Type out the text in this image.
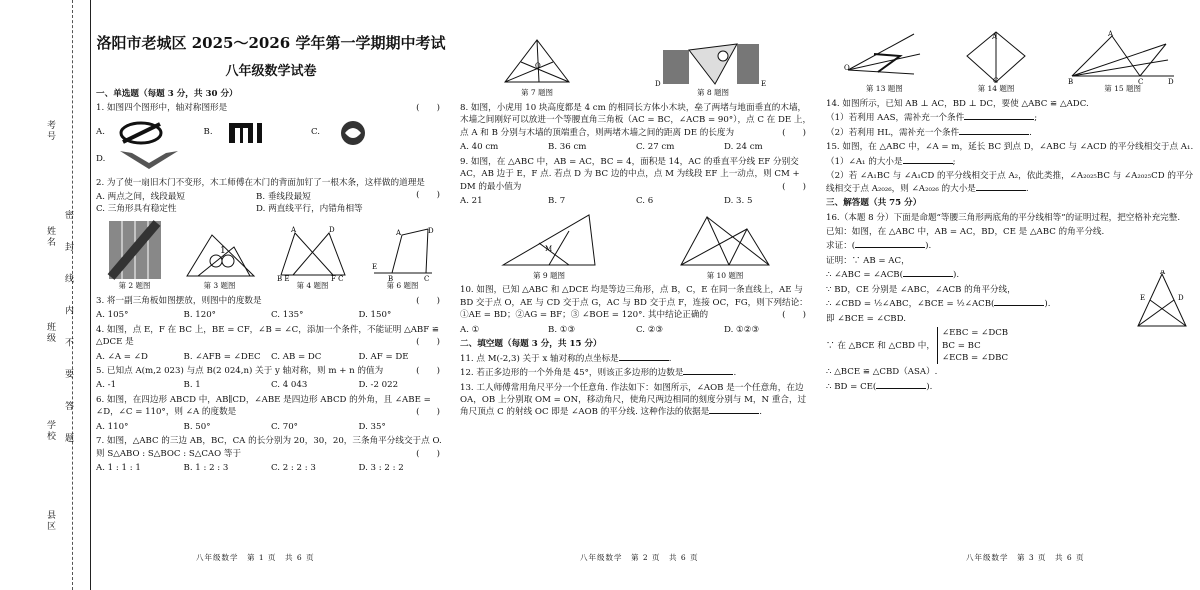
考号
姓名 密 封 线 内 不 要 答 题
班级
学校
县区
洛阳市老城区 2025～2026 学年第一学期期中考试
八年级数学试卷
一、单选题（每题 3 分，共 30 分）
(　　)
1. 如图四个图形中，轴对称图形是
A.	B.	C.
D.
2. 为了使一扇旧木门不变形，木工师傅在木门的背面加钉了一根木条，这样做的道理是
(　　)
A. 两点之间，线段最短	B. 垂线段最短
C. 三角形具有稳定性	D. 两直线平行，内错角相等
第 2 题图
1
第 3 题图
A	D
B E	F C
第 4 题图
E
B	C
A	D
第 6 题图
(　　)
3. 将一副三角板如图摆放，则图中的度数是
A. 105°	B. 120°	C. 135°	D. 150°
4. 如图，点 E，F 在 BC 上，BE = CF，∠B = ∠C，添加一个条件，不能证明 △ABF ≌ △DCE 是	(　　)
A. ∠A = ∠D	B. ∠AFB = ∠DEC	C. AB = DC	D. AF = DE
(　　)
5. 已知点 A(m,2 023) 与点 B(2 024,n) 关于 y 轴对称，则 m + n 的值为
A. -1	B. 1	C. 4 043	D. -2 022
6. 如图，在四边形 ABCD 中，AB∥CD，∠ABE 是四边形 ABCD 的外角，且 ∠ABE = ∠D，∠C = 110°，则 ∠A 的度数是	(　　)
A. 110°	B. 50°	C. 70°	D. 35°
7. 如图，△ABC 的三边 AB，BC，CA 的长分别为 20，30，20，三条角平分线交于点 O. 则 S△ABO : S△BOC : S△CAO 等于	(　　)
A. 1 : 1 : 1	B. 1 : 2 : 3	C. 2 : 2 : 3	D. 3 : 2 : 2
八年级数学　第 1 页　共 6 页
O
第 7 题图
D	E
第 8 题图
8. 如图，小虎用 10 块高度都是 4 cm 的相同长方体小木块，垒了两堵与地面垂直的木墙，木墙之间刚好可以放进一个等腰直角三角板（AC = BC，∠ACB = 90°），点 C 在 DE 上，点 A 和 B 分别与木墙的顶端重合，则两堵木墙之间的距离 DE 的长度为	(　　)
A. 40 cm	B. 36 cm	C. 27 cm	D. 24 cm
9. 如图，在 △ABC 中，AB = AC，BC = 4，面积是 14，AC 的垂直平分线 EF 分别交 AC，AB 边于 E，F 点. 若点 D 为 BC 边的中点，点 M 为线段 EF 上一动点，则 CM + DM 的最小值为	(　　)
A. 21	B. 7	C. 6	D. 3. 5
M
第 9 题图	第 10 题图
10. 如图，已知 △ABC 和 △DCE 均是等边三角形，点 B，C，E 在同一条直线上，AE 与 BD 交于点 O，AE 与 CD 交于点 G，AC 与 BD 交于点 F，连接 OC，FG，则下列结论：①AE = BD；②AG = BF；③ ∠BOE = 120°. 其中结论正确的	(　　)
A. ①	B. ①③	C. ②③	D. ①②③
二、填空题（每题 3 分，共 15 分）
11. 点 M(-2,3) 关于 x 轴对称的点坐标是	.
12. 若正多边形的一个外角是 45°，则该正多边形的边数是	.
13. 工人师傅常用角尺平分一个任意角. 作法如下：如图所示，∠AOB 是一个任意角，在边 OA，OB 上分别取 OM = ON，移动角尺，使角尺两边相同的刻度分别与 M，N 重合，过角尺顶点 C 的射线 OC 即是 ∠AOB 的平分线. 这种作法的依据是	.
八年级数学　第 2 页　共 6 页
O
第 13 题图
A
C
第 14 题图
A
B	C	D
第 15 题图
14. 如图所示，已知 AB ⊥ AC，BD ⊥ DC，要使 △ABC ≌ △ADC.
（1）若利用 AAS，需补充一个条件	;
（2）若利用 HL，需补充一个条件	.
15. 如图，在 △ABC 中，∠A = m，延长 BC 到点 D，∠ABC 与 ∠ACD 的平分线相交于点 A₁.
（1）∠A₁ 的大小是	;
（2）若 ∠A₁BC 与 ∠A₁CD 的平分线相交于点 A₂，依此类推，∠A₂₀₂₅BC 与 ∠A₂₀₂₅CD 的平分线相交于点 A₂₀₂₆，则 ∠A₂₀₂₆ 的大小是	.
三、解答题（共 75 分）
16.（本题 8 分）下面是命题“等腰三角形两底角的平分线相等”的证明过程，把空格补充完整.
A
E	D
已知：如图，在 △ABC 中，AB = AC，BD，CE 是 △ABC 的角平分线.
求证：(	).
证明：∵ AB = AC，
∴ ∠ABC = ∠ACB(	).
∵ BD，CE 分别是 ∠ABC，∠ACB 的角平分线，
∴ ∠CBD = ½∠ABC，∠BCE = ½∠ACB(	).
即 ∠BCE = ∠CBD.
∵ 在 △BCE 和 △CBD 中，
∠EBC = ∠DCB
BC = BC
∠ECB = ∠DBC
∴ △BCE ≌ △CBD（ASA）.
∴ BD = CE(	).
八年级数学　第 3 页　共 6 页
